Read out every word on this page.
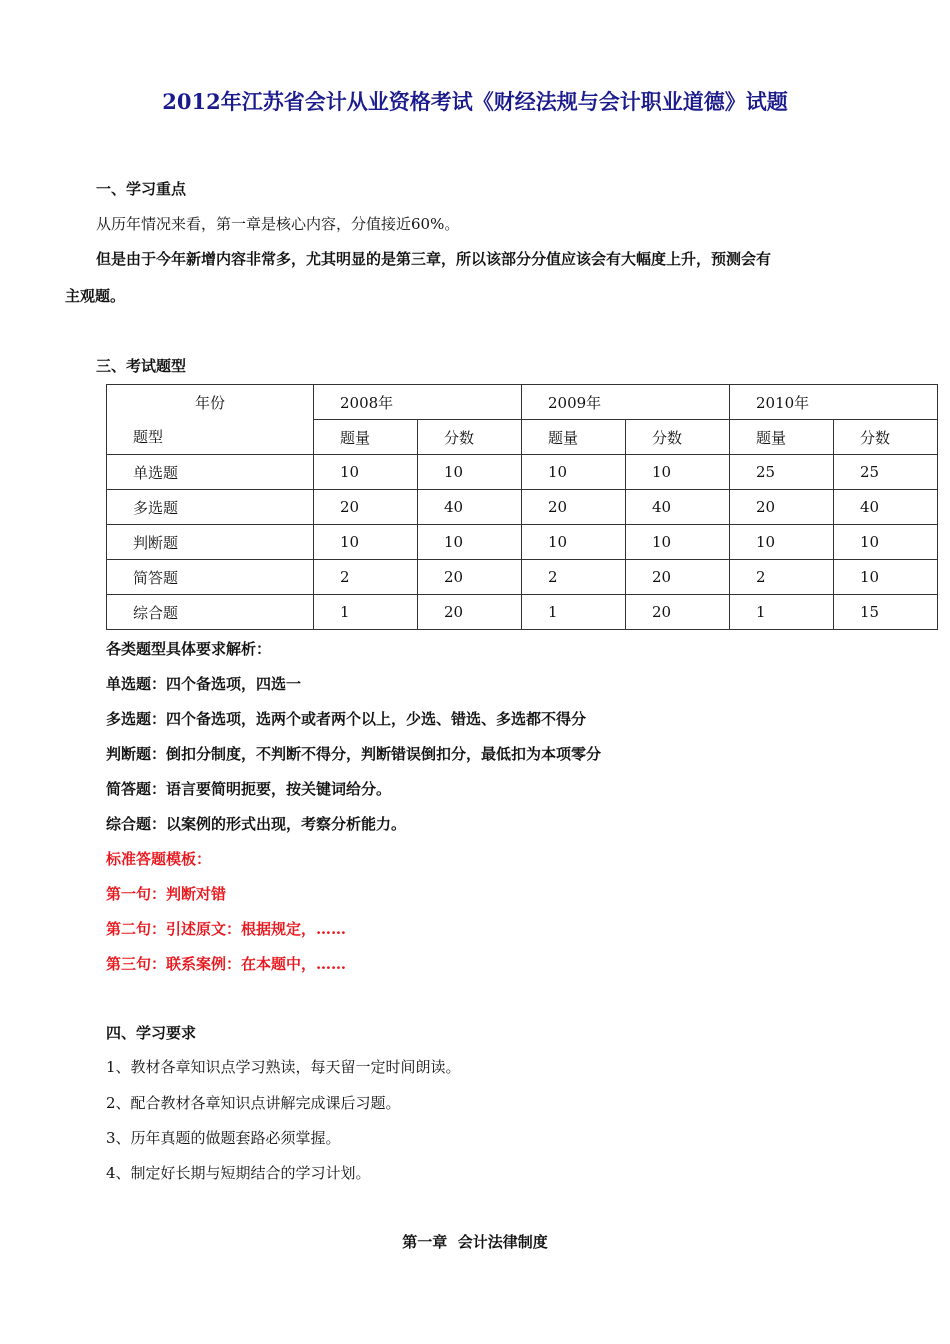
2012年江苏省会计从业资格考试《财经法规与会计职业道德》试题
一、学习重点
从历年情况来看，第一章是核心内容，分值接近60%。
但是由于今年新增内容非常多，尤其明显的是第三章，所以该部分分值应该会有大幅度上升，预测会有
主观题。
三、考试题型
年份	2008年		2009年		2010年	
题型	题量	分数	题量	分数	题量	分数
单选题	10	10	10	10	25	25
多选题	20	40	20	40	20	40
判断题	10	10	10	10	10	10
简答题	2	20	2	20	2	10
综合题	1	20	1	20	1	15
各类题型具体要求解析：
单选题：四个备选项，四选一
多选题：四个备选项，选两个或者两个以上，少选、错选、多选都不得分
判断题：倒扣分制度，不判断不得分，判断错误倒扣分，最低扣为本项零分
简答题：语言要简明扼要，按关键词给分。
综合题：以案例的形式出现，考察分析能力。
标准答题模板：
第一句：判断对错
第二句：引述原文：根据规定，……
第三句：联系案例：在本题中，……
四、学习要求
1、教材各章知识点学习熟读，每天留一定时间朗读。
2、配合教材各章知识点讲解完成课后习题。
3、历年真题的做题套路必须掌握。
4、制定好长期与短期结合的学习计划。
第一章  会计法律制度
